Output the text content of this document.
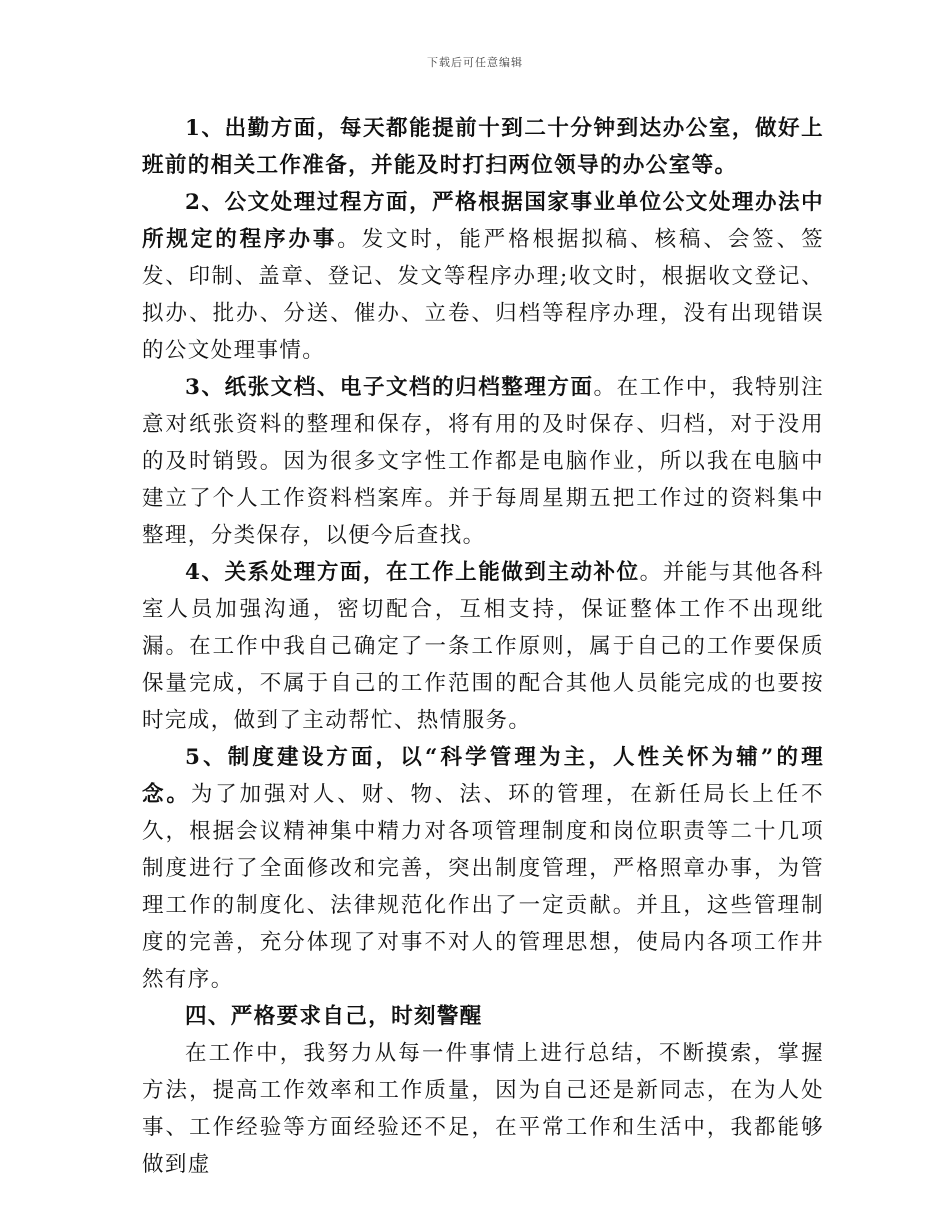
下载后可任意编辑

1、出勤方面，每天都能提前十到二十分钟到达办公室，做好上班前的相关工作准备，并能及时打扫两位领导的办公室等。

2、公文处理过程方面，严格根据国家事业单位公文处理办法中所规定的程序办事。发文时，能严格根据拟稿、核稿、会签、签发、印制、盖章、登记、发文等程序办理;收文时，根据收文登记、拟办、批办、分送、催办、立卷、归档等程序办理，没有出现错误的公文处理事情。

3、纸张文档、电子文档的归档整理方面。在工作中，我特别注意对纸张资料的整理和保存，将有用的及时保存、归档，对于没用的及时销毁。因为很多文字性工作都是电脑作业，所以我在电脑中建立了个人工作资料档案库。并于每周星期五把工作过的资料集中整理，分类保存，以便今后查找。

4、关系处理方面，在工作上能做到主动补位。并能与其他各科室人员加强沟通，密切配合，互相支持，保证整体工作不出现纰漏。在工作中我自己确定了一条工作原则，属于自己的工作要保质保量完成，不属于自己的工作范围的配合其他人员能完成的也要按时完成，做到了主动帮忙、热情服务。

5、制度建设方面，以“科学管理为主，人性关怀为辅”的理念。为了加强对人、财、物、法、环的管理，在新任局长上任不久，根据会议精神集中精力对各项管理制度和岗位职责等二十几项制度进行了全面修改和完善，突出制度管理，严格照章办事，为管理工作的制度化、法律规范化作出了一定贡献。并且，这些管理制度的完善，充分体现了对事不对人的管理思想，使局内各项工作井然有序。

四、严格要求自己，时刻警醒

在工作中，我努力从每一件事情上进行总结，不断摸索，掌握方法，提高工作效率和工作质量，因为自己还是新同志，在为人处事、工作经验等方面经验还不足，在平常工作和生活中，我都能够做到虚
